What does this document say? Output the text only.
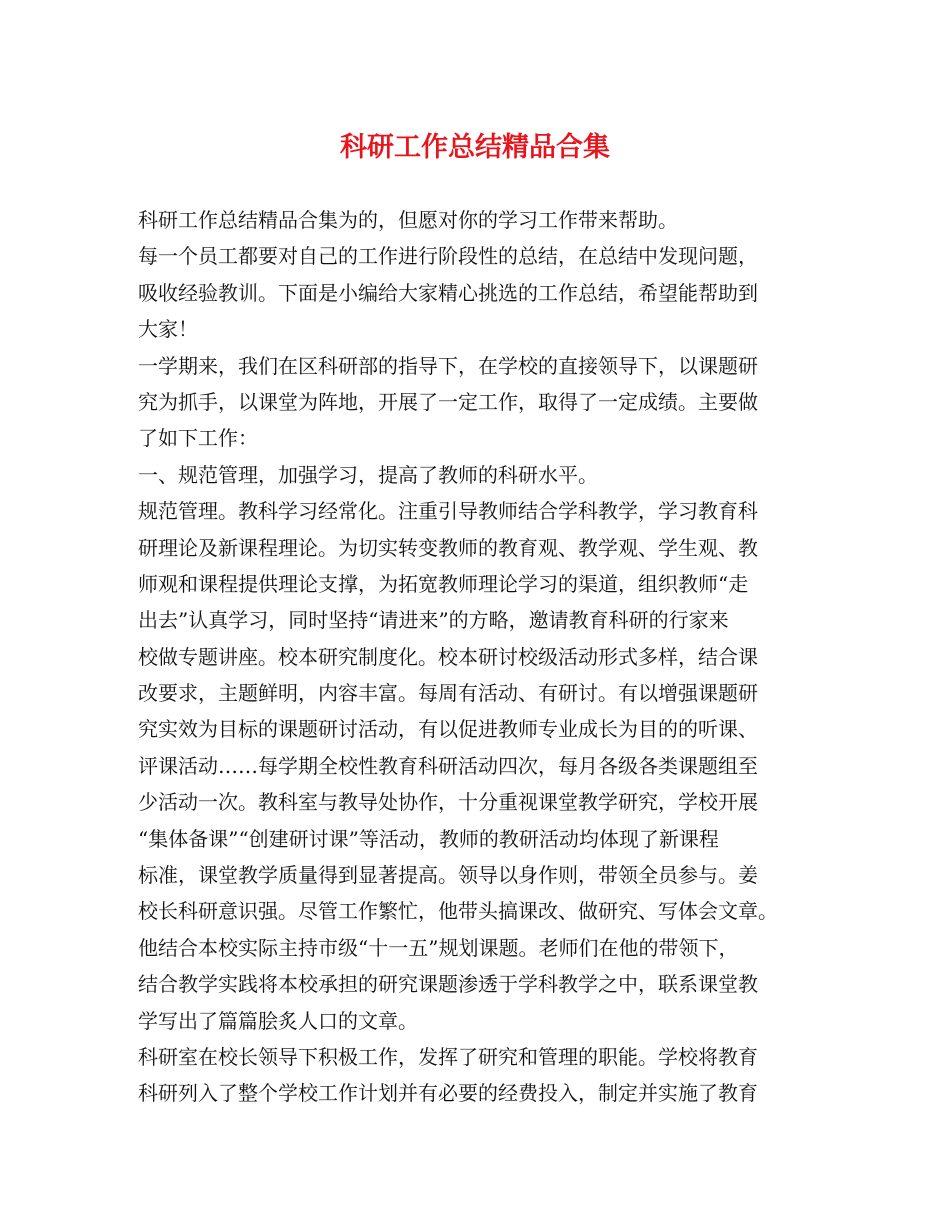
科研工作总结精品合集

科研工作总结精品合集为的，但愿对你的学习工作带来帮助。

每一个员工都要对自己的工作进行阶段性的总结，在总结中发现问题，

吸收经验教训。下面是小编给大家精心挑选的工作总结，希望能帮助到

大家！

一学期来，我们在区科研部的指导下，在学校的直接领导下，以课题研

究为抓手，以课堂为阵地，开展了一定工作，取得了一定成绩。主要做

了如下工作：

一、规范管理，加强学习，提高了教师的科研水平。

规范管理。教科学习经常化。注重引导教师结合学科教学，学习教育科

研理论及新课程理论。为切实转变教师的教育观、教学观、学生观、教

师观和课程提供理论支撑，为拓宽教师理论学习的渠道，组织教师“走

出去”认真学习，同时坚持“请进来”的方略，邀请教育科研的行家来

校做专题讲座。校本研究制度化。校本研讨校级活动形式多样，结合课

改要求，主题鲜明，内容丰富。每周有活动、有研讨。有以增强课题研

究实效为目标的课题研讨活动，有以促进教师专业成长为目的的听课、

评课活动……每学期全校性教育科研活动四次，每月各级各类课题组至

少活动一次。教科室与教导处协作，十分重视课堂教学研究，学校开展

“集体备课”“创建研讨课”等活动，教师的教研活动均体现了新课程

标准，课堂教学质量得到显著提高。领导以身作则，带领全员参与。姜

校长科研意识强。尽管工作繁忙，他带头搞课改、做研究、写体会文章。

他结合本校实际主持市级“十一五”规划课题。老师们在他的带领下，

结合教学实践将本校承担的研究课题渗透于学科教学之中，联系课堂教

学写出了篇篇脍炙人口的文章。

科研室在校长领导下积极工作，发挥了研究和管理的职能。学校将教育

科研列入了整个学校工作计划并有必要的经费投入，制定并实施了教育
